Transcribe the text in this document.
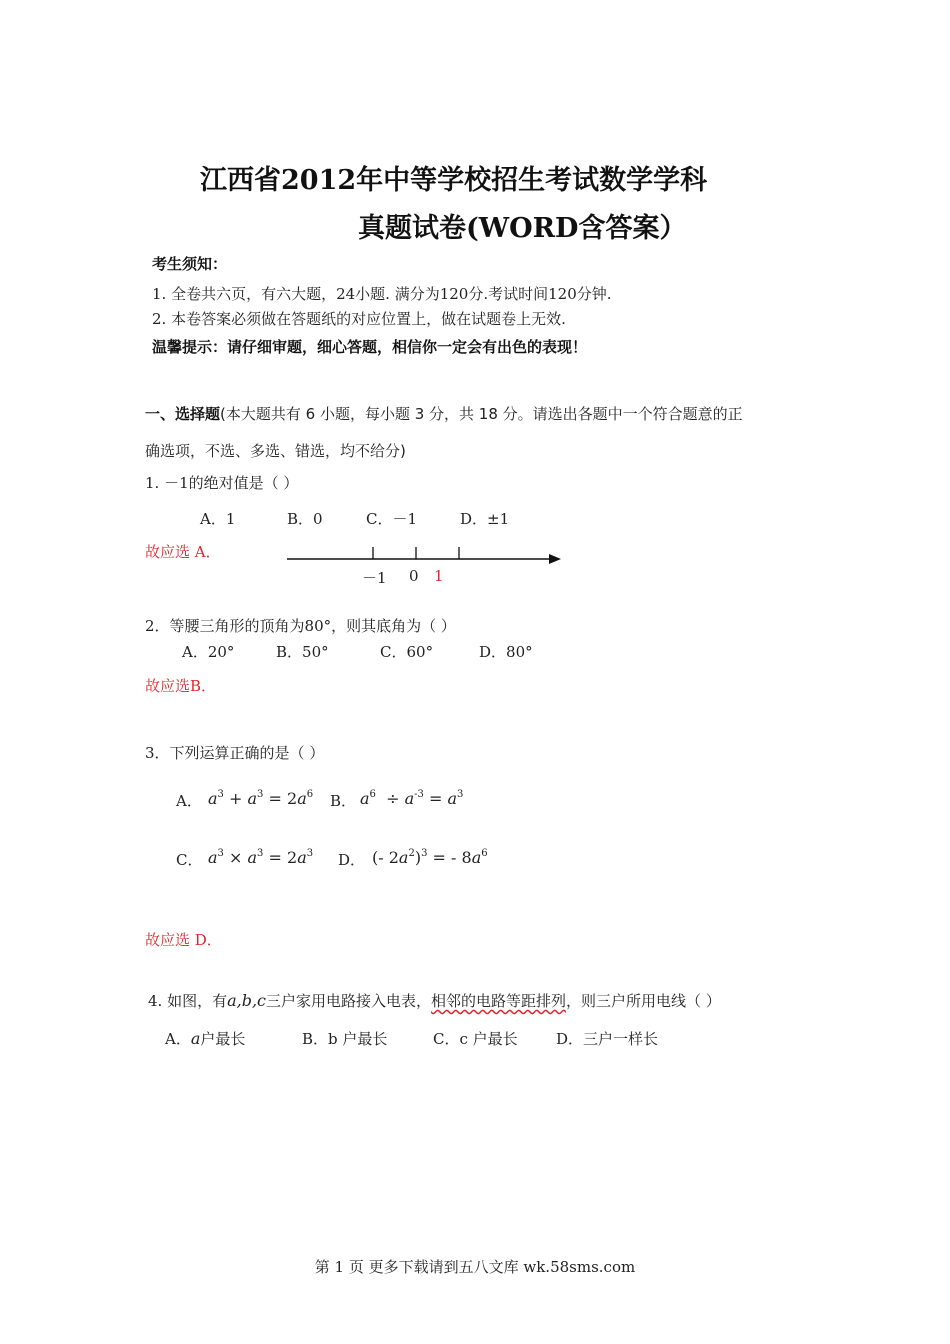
江西省2012年中等学校招生考试数学学科
真题试卷(WORD含答案）
考生须知：
1. 全卷共六页，有六大题，24小题. 满分为120分.考试时间120分钟.
2. 本卷答案必须做在答题纸的对应位置上，做在试题卷上无效.
温馨提示：请仔细审题，细心答题，相信你一定会有出色的表现！
一、选择题(本大题共有 6 小题，每小题 3 分，共 18 分。请选出各题中一个符合题意的正
确选项，不选、多选、错选，均不给分)
1. －1的绝对值是（ ）
A．1	B．0	C．－1	D．±1
故应选 A．
－1 0 1
2．等腰三角形的顶角为80°，则其底角为（ ）
A．20°	B．50°	C．60°	D．80°
故应选B．
3．下列运算正确的是（ ）
A． $a^3 + a^3 = 2a^6$ B． $a^6 \div a^{-3} = a^3$
C． $a^3 \times a^3 = 2a^3$ D． (- $2a^2)^3$ = - $8a^6$
故应选 D．
4. 如图，有a,b,c三户家用电路接入电表，相邻的电路等距排列，则三户所用电线（ ）
A．a户最长	B．b 户最长	C．c 户最长	D．三户一样长
第 1 页 更多下载请到五八文库 wk.58sms.com
